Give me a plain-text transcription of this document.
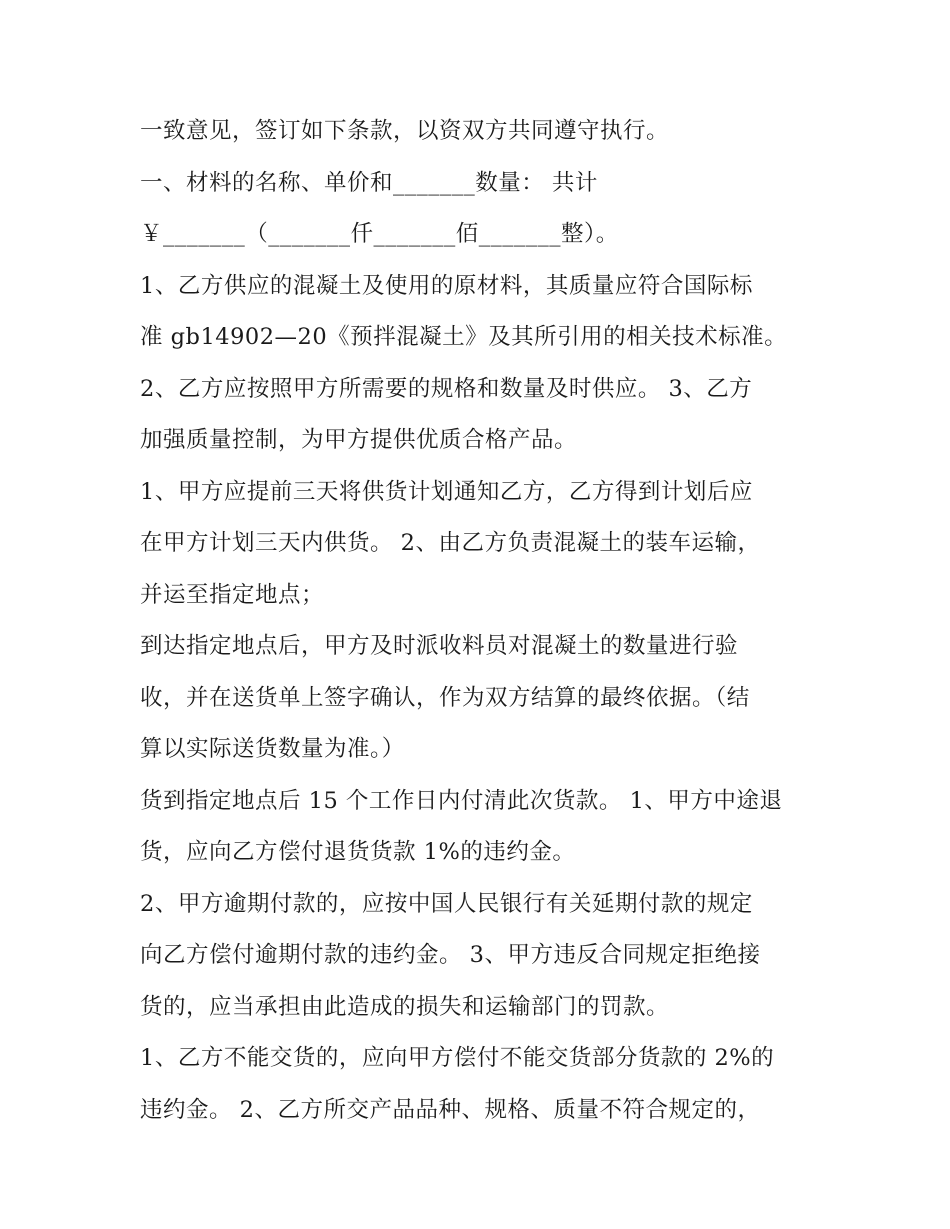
一致意见，签订如下条款，以资双方共同遵守执行。
一、材料的名称、单价和_______数量： 共计
￥_______（_______仟_______佰_______整）。
1、乙方供应的混凝土及使用的原材料，其质量应符合国际标
准 gb14902—20《预拌混凝土》及其所引用的相关技术标准。
2、乙方应按照甲方所需要的规格和数量及时供应。 3、乙方
加强质量控制，为甲方提供优质合格产品。
1、甲方应提前三天将供货计划通知乙方，乙方得到计划后应
在甲方计划三天内供货。 2、由乙方负责混凝土的装车运输，
并运至指定地点；
到达指定地点后，甲方及时派收料员对混凝土的数量进行验
收，并在送货单上签字确认，作为双方结算的最终依据。（结
算以实际送货数量为准。）
货到指定地点后 15 个工作日内付清此次货款。 1、甲方中途退
货，应向乙方偿付退货货款 1%的违约金。
2、甲方逾期付款的，应按中国人民银行有关延期付款的规定
向乙方偿付逾期付款的违约金。 3、甲方违反合同规定拒绝接
货的，应当承担由此造成的损失和运输部门的罚款。
1、乙方不能交货的，应向甲方偿付不能交货部分货款的 2%的
违约金。 2、乙方所交产品品种、规格、质量不符合规定的，
